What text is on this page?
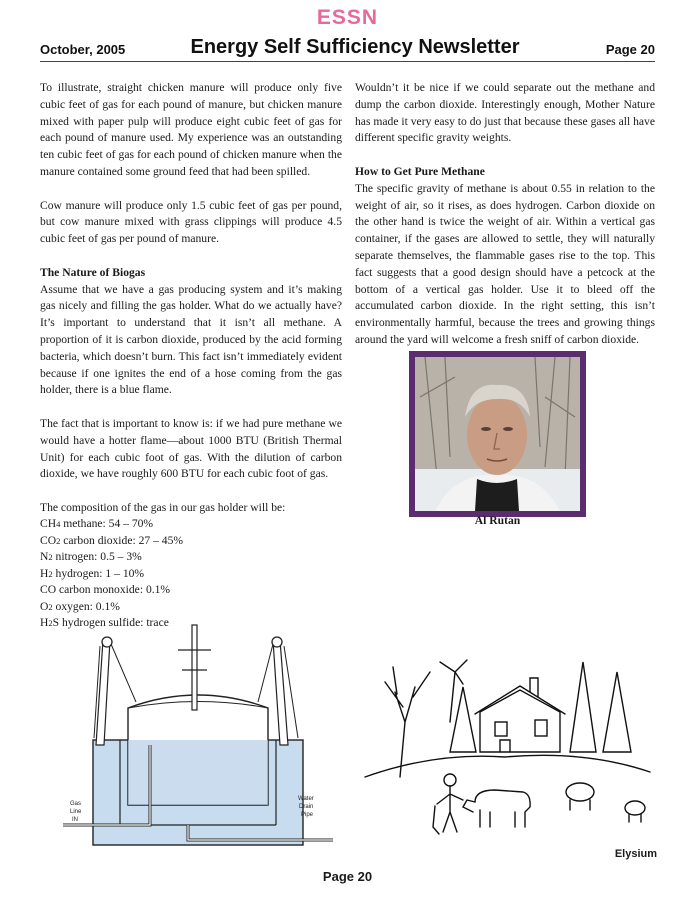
ESSN
October, 2005	Energy Self Sufficiency Newsletter	Page 20

To illustrate, straight chicken manure will produce only five cubic feet of gas for each pound of manure, but chicken manure mixed with paper pulp will produce eight cubic feet of gas for each pound of manure used. My experience was an outstanding ten cubic feet of gas for each pound of chicken manure when the manure contained some ground feed that had been spilled.

Cow manure will produce only 1.5 cubic feet of gas per pound, but cow manure mixed with grass clippings will produce 4.5 cubic feet of gas per pound of manure.

The Nature of Biogas

Assume that we have a gas producing system and it’s making gas nicely and filling the gas holder. What do we actually have? It’s important to understand that it isn’t all methane. A proportion of it is carbon dioxide, produced by the acid forming bacteria, which doesn’t burn. This fact isn’t immediately evident because if one ignites the end of a hose coming from the gas holder, there is a blue flame.

The fact that is important to know is: if we had pure methane we would have a hotter flame—about 1000 BTU (British Thermal Unit) for each cubic foot of gas. With the dilution of carbon dioxide, we have roughly 600 BTU for each cubic foot of gas.

The composition of the gas in our gas holder will be:
CH4 methane: 54 – 70%
CO2 carbon dioxide: 27 – 45%
N2 nitrogen: 0.5 – 3%
H2 hydrogen: 1 – 10%
CO carbon monoxide: 0.1%
O2 oxygen: 0.1%
H2S hydrogen sulfide: trace

Wouldn’t it be nice if we could separate out the methane and dump the carbon dioxide. Interestingly enough, Mother Nature has made it very easy to do just that because these gases all have different specific gravity weights.

How to Get Pure Methane

The specific gravity of methane is about 0.55 in relation to the weight of air, so it rises, as does hydrogen. Carbon dioxide on the other hand is twice the weight of air. Within a vertical gas container, if the gases are allowed to settle, they will naturally separate themselves, the flammable gases rise to the top. This fact suggests that a good design should have a petcock at the bottom of a vertical gas holder. Use it to bleed off the accumulated carbon dioxide. In the right setting, this isn’t environmentally harmful, because the trees and growing things around the yard will welcome a fresh sniff of carbon dioxide.

Al Rutan
Gas
Line
IN
Water
Drain
Pipe
Elysium
Page 20
